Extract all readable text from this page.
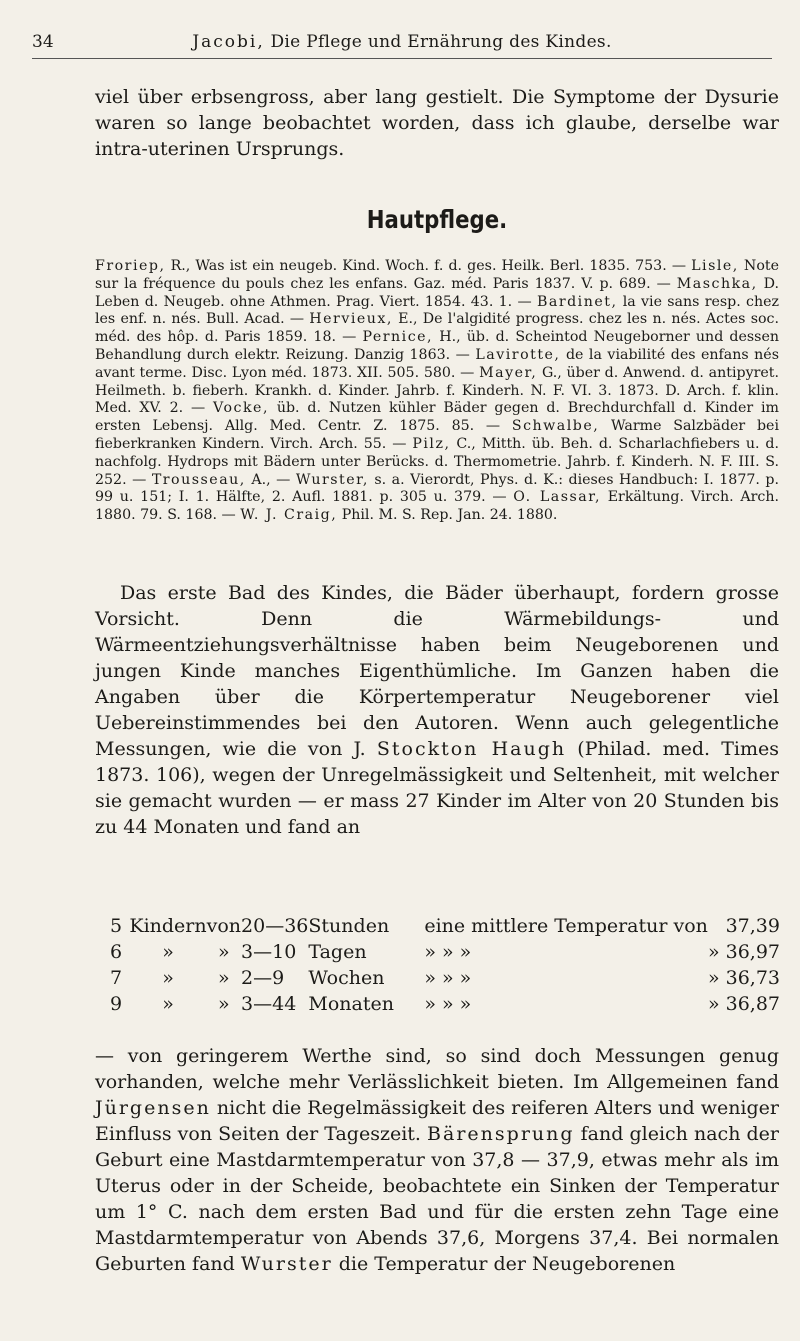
34	Jacobi, Die Pflege und Ernährung des Kindes.

viel über erbsengross, aber lang gestielt. Die Symptome der Dysurie waren so lange beobachtet worden, dass ich glaube, derselbe war intra-uterinen Ursprungs.

Hautpflege.

Froriep, R., Was ist ein neugeb. Kind. Woch. f. d. ges. Heilk. Berl. 1835. 753. — Lisle, Note sur la fréquence du pouls chez les enfans. Gaz. méd. Paris 1837. V. p. 689. — Maschka, D. Leben d. Neugeb. ohne Athmen. Prag. Viert. 1854. 43. 1. — Bardinet, la vie sans resp. chez les enf. n. nés. Bull. Acad. — Hervieux, E., De l'algidité progress. chez les n. nés. Actes soc. méd. des hôp. d. Paris 1859. 18. — Pernice, H., üb. d. Scheintod Neugeborner und dessen Behandlung durch elektr. Reizung. Danzig 1863. — Lavirotte, de la viabilité des enfans nés avant terme. Disc. Lyon méd. 1873. XII. 505. 580. — Mayer, G., über d. Anwend. d. antipyret. Heilmeth. b. fieberh. Krankh. d. Kinder. Jahrb. f. Kinderh. N. F. VI. 3. 1873. D. Arch. f. klin. Med. XV. 2. — Vocke, üb. d. Nutzen kühler Bäder gegen d. Brechdurchfall d. Kinder im ersten Lebensj. Allg. Med. Centr. Z. 1875. 85.	— Schwalbe, Warme Salzbäder bei fieberkranken Kindern. Virch. Arch. 55. — Pilz, C., Mitth. üb. Beh. d. Scharlachfiebers u. d. nachfolg. Hydrops mit Bädern unter Berücks. d. Thermometrie. Jahrb. f. Kinderh. N. F. III. S. 252. — Trousseau, A., — Wurster, s. a. Vierordt, Phys. d. K.: dieses Handbuch: I. 1877. p. 99 u. 151; I. 1. Hälfte, 2. Aufl. 1881. p. 305 u. 379. — O. Lassar, Erkältung. Virch. Arch. 1880. 79. S. 168. — W. J. Craig, Phil. M. S. Rep. Jan. 24. 1880.

Das erste Bad des Kindes, die Bäder überhaupt, fordern grosse Vorsicht. Denn die Wärmebildungs- und Wärmeentziehungsverhältnisse haben beim Neugeborenen und jungen Kinde manches Eigenthümliche. Im Ganzen haben die Angaben über die Körpertemperatur Neugeborener viel Uebereinstimmendes bei den Autoren. Wenn auch gelegentliche Messungen, wie die von J. Stockton Haugh (Philad. med. Times 1873. 106), wegen der Unregelmässigkeit und Seltenheit, mit welcher sie gemacht wurden — er mass 27 Kinder im Alter von 20 Stunden bis zu 44 Monaten und fand an

5	Kindern	von	20—36	Stunden	eine mittlere Temperatur von	37,39
6	»	»	3—10	Tagen	» » »	» 36,97
7	»	»	2—9	Wochen	» » »	» 36,73
9	»	»	3—44	Monaten	» » »	» 36,87

— von geringerem Werthe sind, so sind doch Messungen genug vorhanden, welche mehr Verlässlichkeit bieten. Im Allgemeinen fand Jürgensen nicht die Regelmässigkeit des reiferen Alters und weniger Einfluss von Seiten der Tageszeit. Bärensprung fand gleich nach der Geburt eine Mastdarmtemperatur von 37,8 — 37,9, etwas mehr als im Uterus oder in der Scheide, beobachtete ein Sinken der Temperatur um 1° C. nach dem ersten Bad und für die ersten zehn Tage eine Mastdarmtemperatur von Abends 37,6, Morgens 37,4. Bei normalen Geburten fand Wurster die Temperatur der Neugeborenen
